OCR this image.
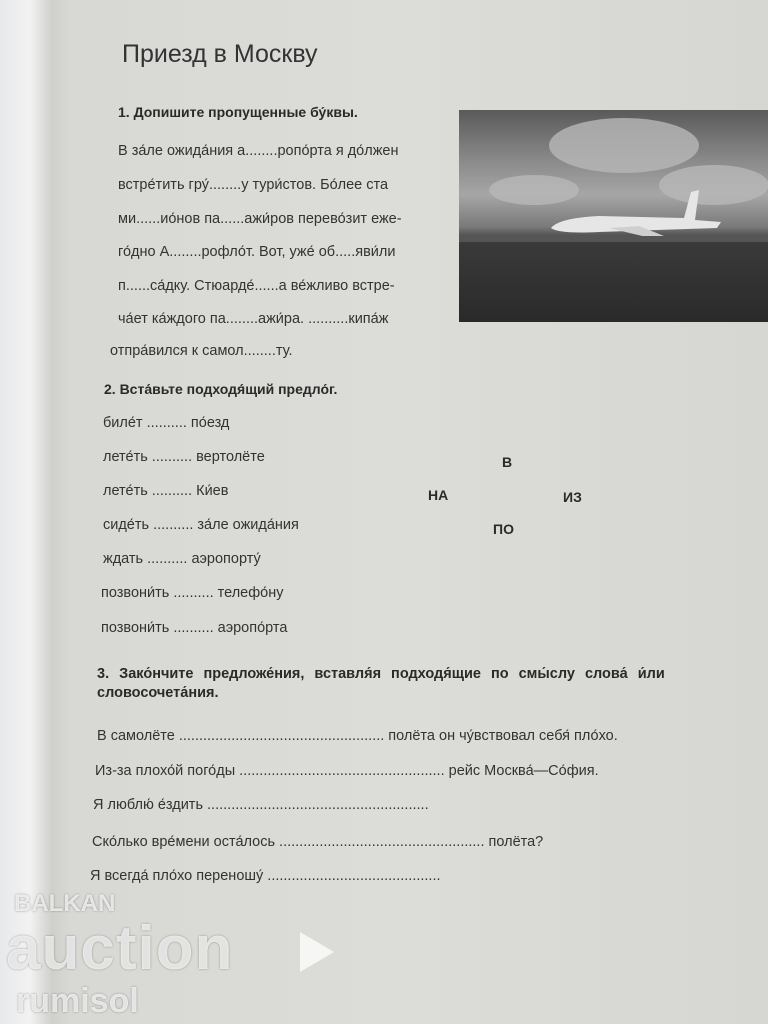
Приезд в Москву
1. Допишите пропущенные бу́квы.
В за́ле ожида́ния а........ропо́рта я до́лжен
встре́тить гру́........у тури́стов. Бо́лее ста
ми......ио́нов па......ажи́ров перево́зит еже-
го́дно А........рофло́т. Вот, уже́ об.....яви́ли
п......са́дку. Стюарде́......а ве́жливо встре-
ча́ет ка́ждого па........ажи́ра. ..........кипа́ж
отпра́вился к самол........ту.
2. Вста́вьте подходя́щий предло́г.
биле́т .......... по́езд
лете́ть .......... вертолёте
лете́ть .......... Ки́ев
сиде́ть .......... за́ле ожида́ния
ждать .......... аэропорту́
позвони́ть .......... телефо́ну
позвони́ть .......... аэропо́рта
В
НА	ИЗ
ПО
3. Зако́нчите предложе́ния, вставля́я подходя́щие по смы́слу слова́ и́ли
словосочета́ния.
В самолёте ................................................... полёта он чу́вствовал себя́ пло́хо.
Из-за плохо́й пого́ды ................................................... рейс Москва́—Со́фия.
Я люблю́ е́здить .......................................................
Ско́лько вре́мени оста́лось ................................................... полёта?
Я всегда́ пло́хо переношу́ ...........................................
BALKAN
auction
rumisol
